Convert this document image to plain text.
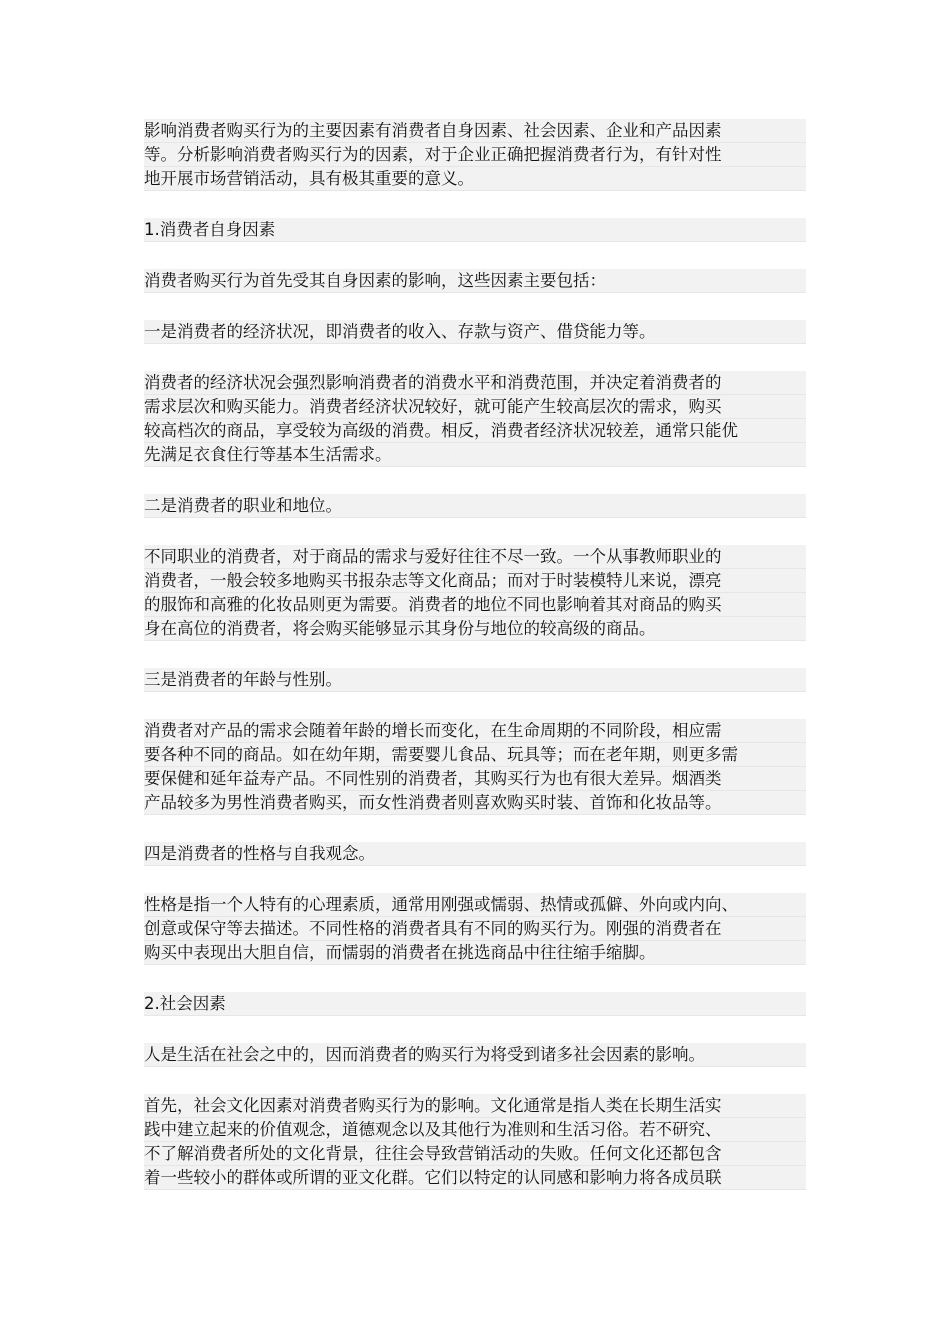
影响消费者购买行为的主要因素有消费者自身因素、社会因素、企业和产品因素
等。分析影响消费者购买行为的因素，对于企业正确把握消费者行为，有针对性
地开展市场营销活动，具有极其重要的意义。
1.消费者自身因素
消费者购买行为首先受其自身因素的影响，这些因素主要包括：
一是消费者的经济状况，即消费者的收入、存款与资产、借贷能力等。
消费者的经济状况会强烈影响消费者的消费水平和消费范围，并决定着消费者的
需求层次和购买能力。消费者经济状况较好，就可能产生较高层次的需求，购买
较高档次的商品，享受较为高级的消费。相反，消费者经济状况较差，通常只能优
先满足衣食住行等基本生活需求。
二是消费者的职业和地位。
不同职业的消费者，对于商品的需求与爱好往往不尽一致。一个从事教师职业的
消费者，一般会较多地购买书报杂志等文化商品；而对于时装模特儿来说，漂亮
的服饰和高雅的化妆品则更为需要。消费者的地位不同也影响着其对商品的购买
身在高位的消费者，将会购买能够显示其身份与地位的较高级的商品。
三是消费者的年龄与性别。
消费者对产品的需求会随着年龄的增长而变化，在生命周期的不同阶段，相应需
要各种不同的商品。如在幼年期，需要婴儿食品、玩具等；而在老年期，则更多需
要保健和延年益寿产品。不同性别的消费者，其购买行为也有很大差异。烟酒类
产品较多为男性消费者购买，而女性消费者则喜欢购买时装、首饰和化妆品等。
四是消费者的性格与自我观念。
性格是指一个人特有的心理素质，通常用刚强或懦弱、热情或孤僻、外向或内向、
创意或保守等去描述。不同性格的消费者具有不同的购买行为。刚强的消费者在
购买中表现出大胆自信，而懦弱的消费者在挑选商品中往往缩手缩脚。
2.社会因素
人是生活在社会之中的，因而消费者的购买行为将受到诸多社会因素的影响。
首先，社会文化因素对消费者购买行为的影响。文化通常是指人类在长期生活实
践中建立起来的价值观念，道德观念以及其他行为准则和生活习俗。若不研究、
不了解消费者所处的文化背景，往往会导致营销活动的失败。任何文化还都包含
着一些较小的群体或所谓的亚文化群。它们以特定的认同感和影响力将各成员联
